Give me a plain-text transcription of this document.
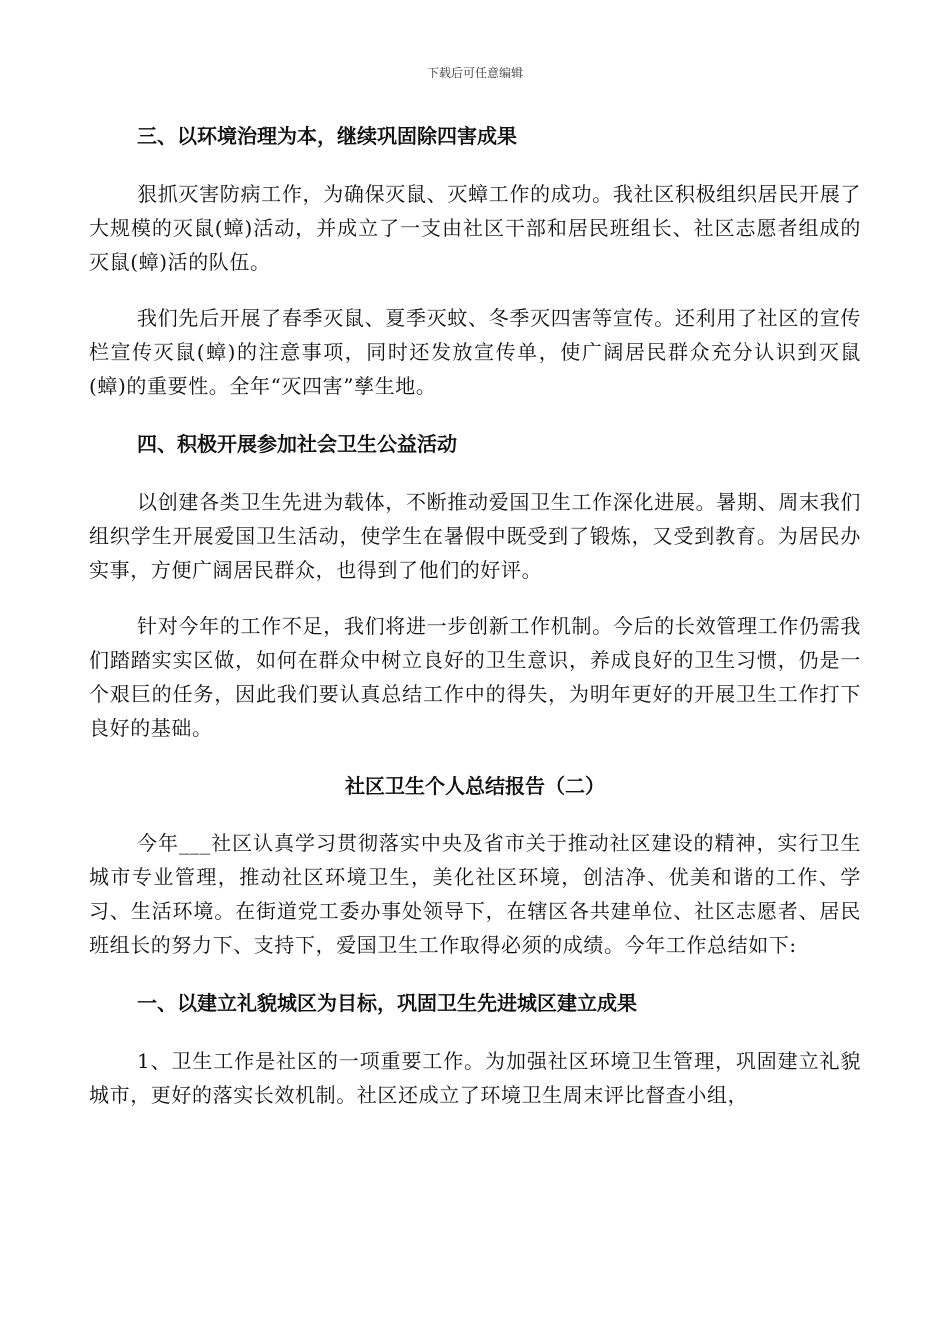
下载后可任意编辑

三、以环境治理为本，继续巩固除四害成果

狠抓灭害防病工作，为确保灭鼠、灭蟑工作的成功。我社区积极组织居民开展了大规模的灭鼠(蟑)活动，并成立了一支由社区干部和居民班组长、社区志愿者组成的灭鼠(蟑)活的队伍。

我们先后开展了春季灭鼠、夏季灭蚊、冬季灭四害等宣传。还利用了社区的宣传栏宣传灭鼠(蟑)的注意事项，同时还发放宣传单，使广阔居民群众充分认识到灭鼠(蟑)的重要性。全年“灭四害”孳生地。

四、积极开展参加社会卫生公益活动

以创建各类卫生先进为载体，不断推动爱国卫生工作深化进展。暑期、周末我们组织学生开展爱国卫生活动，使学生在暑假中既受到了锻炼，又受到教育。为居民办实事，方便广阔居民群众，也得到了他们的好评。

针对今年的工作不足，我们将进一步创新工作机制。今后的长效管理工作仍需我们踏踏实实区做，如何在群众中树立良好的卫生意识，养成良好的卫生习惯，仍是一个艰巨的任务，因此我们要认真总结工作中的得失，为明年更好的开展卫生工作打下良好的基础。

社区卫生个人总结报告（二）

今年___社区认真学习贯彻落实中央及省市关于推动社区建设的精神，实行卫生城市专业管理，推动社区环境卫生，美化社区环境，创洁净、优美和谐的工作、学习、生活环境。在街道党工委办事处领导下，在辖区各共建单位、社区志愿者、居民班组长的努力下、支持下，爱国卫生工作取得必须的成绩。今年工作总结如下:

一、以建立礼貌城区为目标，巩固卫生先进城区建立成果

1、卫生工作是社区的一项重要工作。为加强社区环境卫生管理，巩固建立礼貌城市，更好的落实长效机制。社区还成立了环境卫生周末评比督查小组，
